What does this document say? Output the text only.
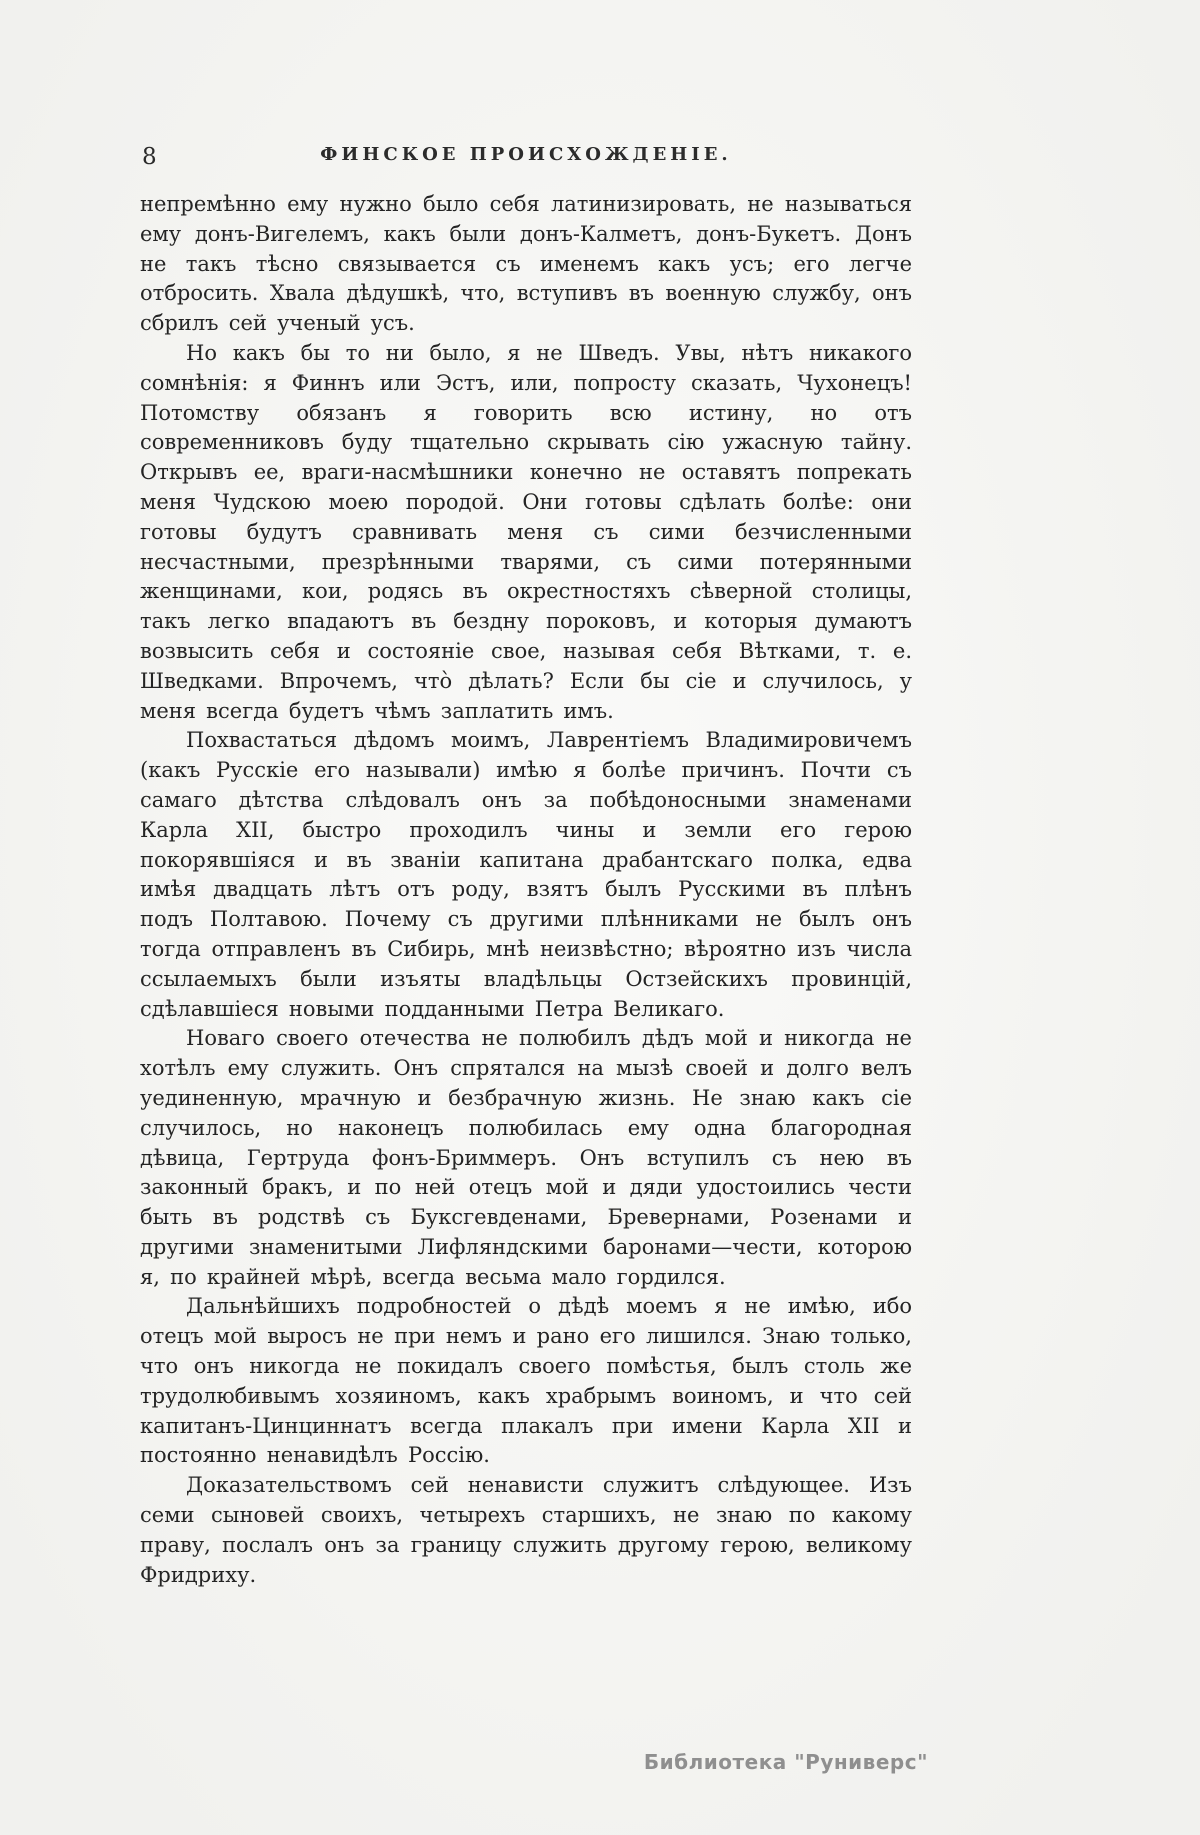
8	ФИНСКОЕ ПРОИСХОЖДЕНІЕ.

непремѣнно ему нужно было себя латинизировать, не называться ему донъ-Вигелемъ, какъ были донъ-Калметъ, донъ-Букетъ. Донъ не такъ тѣсно связывается съ именемъ какъ усъ; его легче отбросить. Хвала дѣдушкѣ, что, вступивъ въ военную службу, онъ сбрилъ сей ученый усъ.

Но какъ бы то ни было, я не Шведъ. Увы, нѣтъ никакого сомнѣнія: я Финнъ или Эстъ, или, попросту сказать, Чухонецъ! Потомству обязанъ я говорить всю истину, но отъ современниковъ буду тщательно скрывать сію ужасную тайну. Открывъ ее, враги-насмѣшники конечно не оставятъ попрекать меня Чудскою моею породой. Они готовы сдѣлать болѣе: они готовы будутъ сравнивать меня съ сими безчисленными несчастными, презрѣнными тварями, съ сими потерянными женщинами, кои, родясь въ окрестностяхъ сѣверной столицы, такъ легко впадаютъ въ бездну пороковъ, и которыя думаютъ возвысить себя и состояніе свое, называя себя Вѣтками, т. е. Шведками. Впрочемъ, что̀ дѣлать? Если бы сіе и случилось, у меня всегда будетъ чѣмъ заплатить имъ.

Похвастаться дѣдомъ моимъ, Лаврентіемъ Владимировичемъ (какъ Русскіе его называли) имѣю я болѣе причинъ. Почти съ самаго дѣтства слѣдовалъ онъ за побѣдоносными знаменами Карла XII, быстро проходилъ чины и земли его герою покорявшіяся и въ званіи капитана драбантскаго полка, едва имѣя двадцать лѣтъ отъ роду, взятъ былъ Русскими въ плѣнъ подъ Полтавою. Почему съ другими плѣнниками не былъ онъ тогда отправленъ въ Сибирь, мнѣ неизвѣстно; вѣроятно изъ числа ссылаемыхъ были изъяты владѣльцы Остзейскихъ провинцій, сдѣлавшіеся новыми подданными Петра Великаго.

Новаго своего отечества не полюбилъ дѣдъ мой и никогда не хотѣлъ ему служить. Онъ спрятался на мызѣ своей и долго велъ уединенную, мрачную и безбрачную жизнь. Не знаю какъ сіе случилось, но наконецъ полюбилась ему одна благородная дѣвица, Гертруда фонъ-Бриммеръ. Онъ вступилъ съ нею въ законный бракъ, и по ней отецъ мой и дяди удостоились чести быть въ родствѣ съ Буксгевденами, Бревернами, Розенами и другими знаменитыми Лифляндскими баронами—чести, которою я, по крайней мѣрѣ, всегда весьма мало гордился.

Дальнѣйшихъ подробностей о дѣдѣ моемъ я не имѣю, ибо отецъ мой выросъ не при немъ и рано его лишился. Знаю только, что онъ никогда не покидалъ своего помѣстья, былъ столь же трудолюбивымъ хозяиномъ, какъ храбрымъ воиномъ, и что сей капитанъ-Цинциннатъ всегда плакалъ при имени Карла XII и постоянно ненавидѣлъ Россію.

Доказательствомъ сей ненависти служитъ слѣдующее. Изъ семи сыновей своихъ, четырехъ старшихъ, не знаю по какому праву, послалъ онъ за границу служить другому герою, великому Фридриху.

Библиотека "Руниверс"
